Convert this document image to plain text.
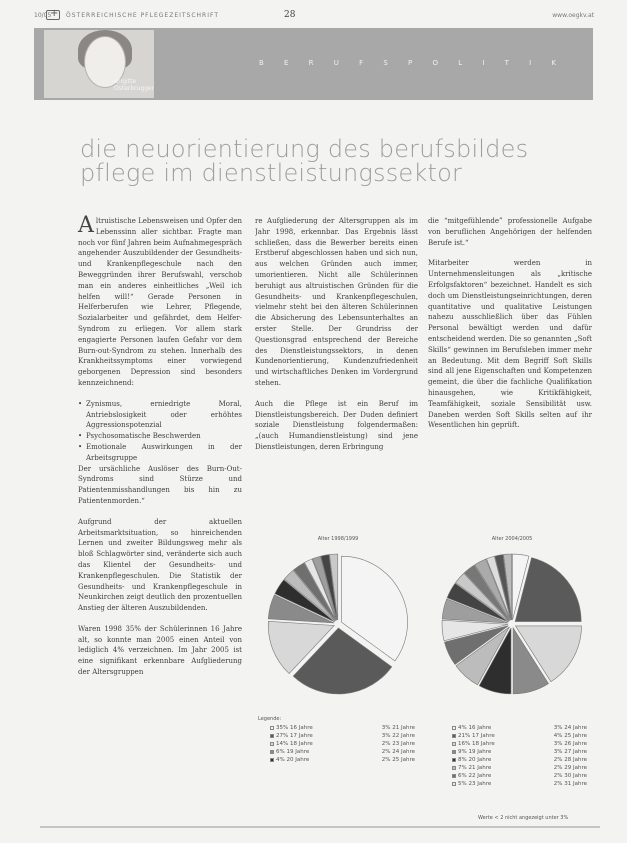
10/05
+ ÖSTERREICHISCHE PFLEGEZEITSCHRIFT	28	www.oegkv.at
Brigitte Osterbrugger
B E R U F S P O L I T I K
die neuorientierung des berufsbildes pflege im dienstleistungssektor

Altruistische Lebensweisen und Opfer den Lebenssinn aller sichtbar. Fragte man noch vor fünf Jahren beim Aufnahmegespräch angehender Auszubildender der Gesundheits- und Krankenpflegeschule nach den Beweggründen ihrer Berufswahl, verschob man ein anderes einheitliches „Weil ich helfen will!“ Gerade Personen in Helferberufen wie Lehrer, Pflegende, Sozialarbeiter und gefährdet, dem Helfer-Syndrom zu erliegen. Vor allem stark engagierte Personen laufen Gefahr vor dem Burn-out-Syndrom zu stehen. Innerhalb des Krankheitssymptoms einer vorwiegend geborgenen Depression sind besonders kennzeichnend:

• Zynismus, erniedrigte Moral, Antriebslosigkeit oder erhöhtes Aggressionspotenzial
• Psychosomatische Beschwerden
• Emotionale Auswirkungen in der Arbeitsgruppe

Der ursächliche Auslöser des Burn-Out-Syndroms sind Stürze und Patientenmisshandlungen bis hin zu Patientenmorden.“

Aufgrund der aktuellen Arbeitsmarktsituation, so hinreichenden Lernen und zweiter Bildungsweg mehr als bloß Schlagwörter sind, veränderte sich auch das Klientel der Gesundheits- und Krankenpflegeschulen. Die Statistik der Gesundheits- und Krankenpflegeschule in Neunkirchen zeigt deutlich den prozentuellen Anstieg der älteren Auszubildenden.

Waren 1998 35% der Schülerinnen 16 Jahre alt, so konnte man 2005 einen Anteil von lediglich 4% verzeichnen. Im Jahr 2005 ist eine signifikant erkennbare Aufgliederung der Altersgruppen

re Aufgliederung der Altersgruppen als im Jahr 1998, erkennbar. Das Ergebnis lässt schließen, dass die Bewerber bereits einen Erstberuf abgeschlossen haben und sich nun, aus welchen Gründen auch immer, umorientieren. Nicht alle Schülerinnen beruhigt aus altruistischen Gründen für die Gesundheits- und Krankenpflegeschulen, vielmehr steht bei den älteren Schülerinnen die Absicherung des Lebensunterhaltes an erster Stelle. Der Grundriss der Questionsgrad entsprechend der Bereiche des Dienstleistungssektors, in denen Kundenorientierung, Kundenzufriedenheit und wirtschaftliches Denken im Vordergrund stehen.

Auch die Pflege ist ein Beruf im Dienstleistungsbereich. Der Duden definiert soziale Dienstleistung folgendermaßen: „(auch Humandienstleistung) sind jene Dienstleistungen, deren Erbringung

die “mitgefühlende” professionelle Aufgabe von beruflichen Angehörigen der helfenden Berufe ist.“

Mitarbeiter werden in Unternehmensleitungen als „kritische Erfolgsfaktoren“ bezeichnet. Handelt es sich doch um Dienstleistungseinrichtungen, deren quantitative und qualitative Leistungen nahezu ausschließlich über das Fühlen Personal bewältigt werden und dafür entscheidend werden. Die so genannten „Soft Skills“ gewinnen im Berufsleben immer mehr an Bedeutung. Mit dem Begriff Soft Skills sind all jene Eigenschaften und Kompetenzen gemeint, die über die fachliche Qualifikation hinausgehen, wie Kritikfähigkeit, Teamfähigkeit, soziale Sensibilität usw. Daneben werden Soft Skills selten auf ihr Wesentlichen hin geprüft.

Alter 1998/1999	Alter 2004/2005
Legende:
35% 16 Jahre	3% 21 Jahre
27% 17 Jahre	3% 22 Jahre
14% 18 Jahre	2% 23 Jahre
6% 19 Jahre	2% 24 Jahre
4% 20 Jahre	2% 25 Jahre
4% 16 Jahre	3% 24 Jahre
21% 17 Jahre	4% 25 Jahre
16% 18 Jahre	3% 26 Jahre
9% 19 Jahre	3% 27 Jahre
8% 20 Jahre	2% 28 Jahre
7% 21 Jahre	2% 29 Jahre
6% 22 Jahre	2% 30 Jahre
5% 23 Jahre	2% 31 Jahre
Werte < 2 nicht angezeigt unter 3%
